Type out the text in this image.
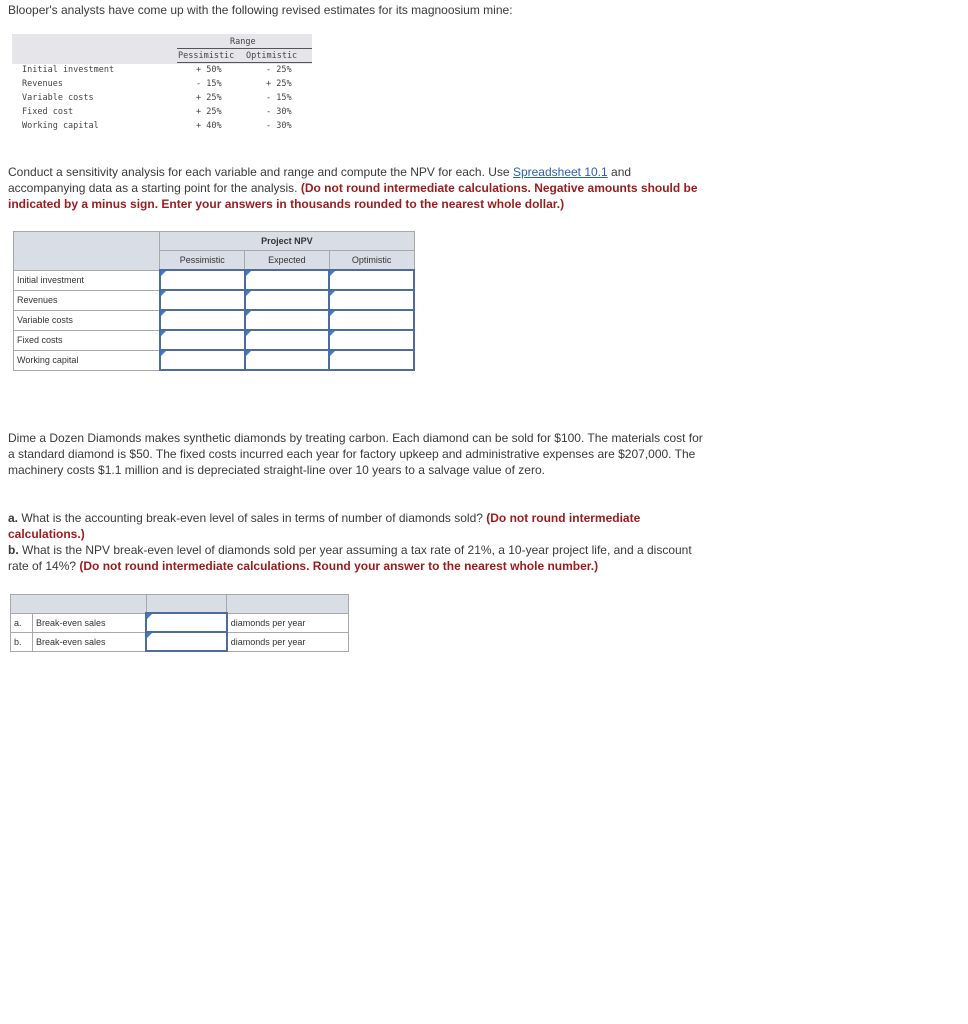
Blooper's analysts have come up with the following revised estimates for its magnoosium mine:
Range
Pessimistic Optimistic
Initial investment	+ 50%	- 25%
Revenues	- 15%	+ 25%
Variable costs	+ 25%	- 15%
Fixed cost	+ 25%	- 30%
Working capital	+ 40%	- 30%
Conduct a sensitivity analysis for each variable and range and compute the NPV for each. Use Spreadsheet 10.1 and accompanying data as a starting point for the analysis. (Do not round intermediate calculations. Negative amounts should be indicated by a minus sign. Enter your answers in thousands rounded to the nearest whole dollar.)
	Project NPV		
	Pessimistic	Expected	Optimistic
Initial investment			
Revenues			
Variable costs			
Fixed costs			
Working capital			
Dime a Dozen Diamonds makes synthetic diamonds by treating carbon. Each diamond can be sold for $100. The materials cost for a standard diamond is $50. The fixed costs incurred each year for factory upkeep and administrative expenses are $207,000. The machinery costs $1.1 million and is depreciated straight-line over 10 years to a salvage value of zero.
a. What is the accounting break-even level of sales in terms of number of diamonds sold? (Do not round intermediate calculations.)
b. What is the NPV break-even level of diamonds sold per year assuming a tax rate of 21%, a 10-year project life, and a discount rate of 14%? (Do not round intermediate calculations. Round your answer to the nearest whole number.)

a.	Break-even sales		diamonds per year
b.	Break-even sales		diamonds per year
